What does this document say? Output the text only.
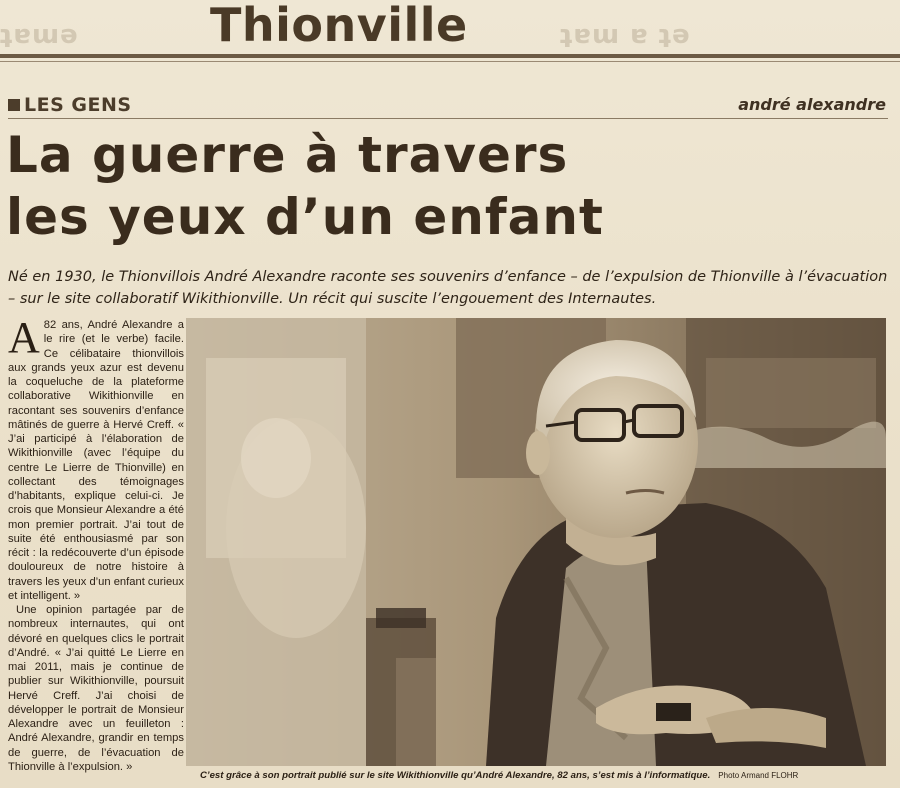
ʇɐɯә	ʇɐɯ ɐ ʇә
Thionville
LES GENS	andré alexandre
La guerre à travers
les yeux d’un enfant
Né en 1930, le Thionvillois André Alexandre raconte ses souvenirs d’enfance – de l’expulsion de Thionville à l’évacuation – sur le site collaboratif Wikithionville. Un récit qui suscite l’engouement des Internautes.

A 82 ans, André Alexandre a le rire (et le verbe) facile. Ce célibataire thionvillois aux grands yeux azur est devenu la coqueluche de la plateforme collaborative Wikithionville en racontant ses souvenirs d’enfance mâtinés de guerre à Hervé Creff. « J’ai participé à l’élaboration de Wikithionville (avec l’équipe du centre Le Lierre de Thionville) en collectant des témoignages d’habitants, explique celui-ci. Je crois que Monsieur Alexandre a été mon premier portrait. J’ai tout de suite été enthousiasmé par son récit : la redécouverte d’un épisode douloureux de notre histoire à travers les yeux d’un enfant curieux et intelligent. »

Une opinion partagée par de nombreux internautes, qui ont dévoré en quelques clics le portrait d’André. « J’ai quitté Le Lierre en mai 2011, mais je continue de publier sur Wikithionville, poursuit Hervé Creff. J’ai choisi de développer le portrait de Monsieur Alexandre avec un feuilleton : André Alexandre, grandir en temps de guerre, de l’évacuation de Thionville à l’expulsion. »

C’est grâce à son portrait publié sur le site Wikithionville qu’André Alexandre, 82 ans, s’est mis à l’informatique. Photo Armand FLOHR
